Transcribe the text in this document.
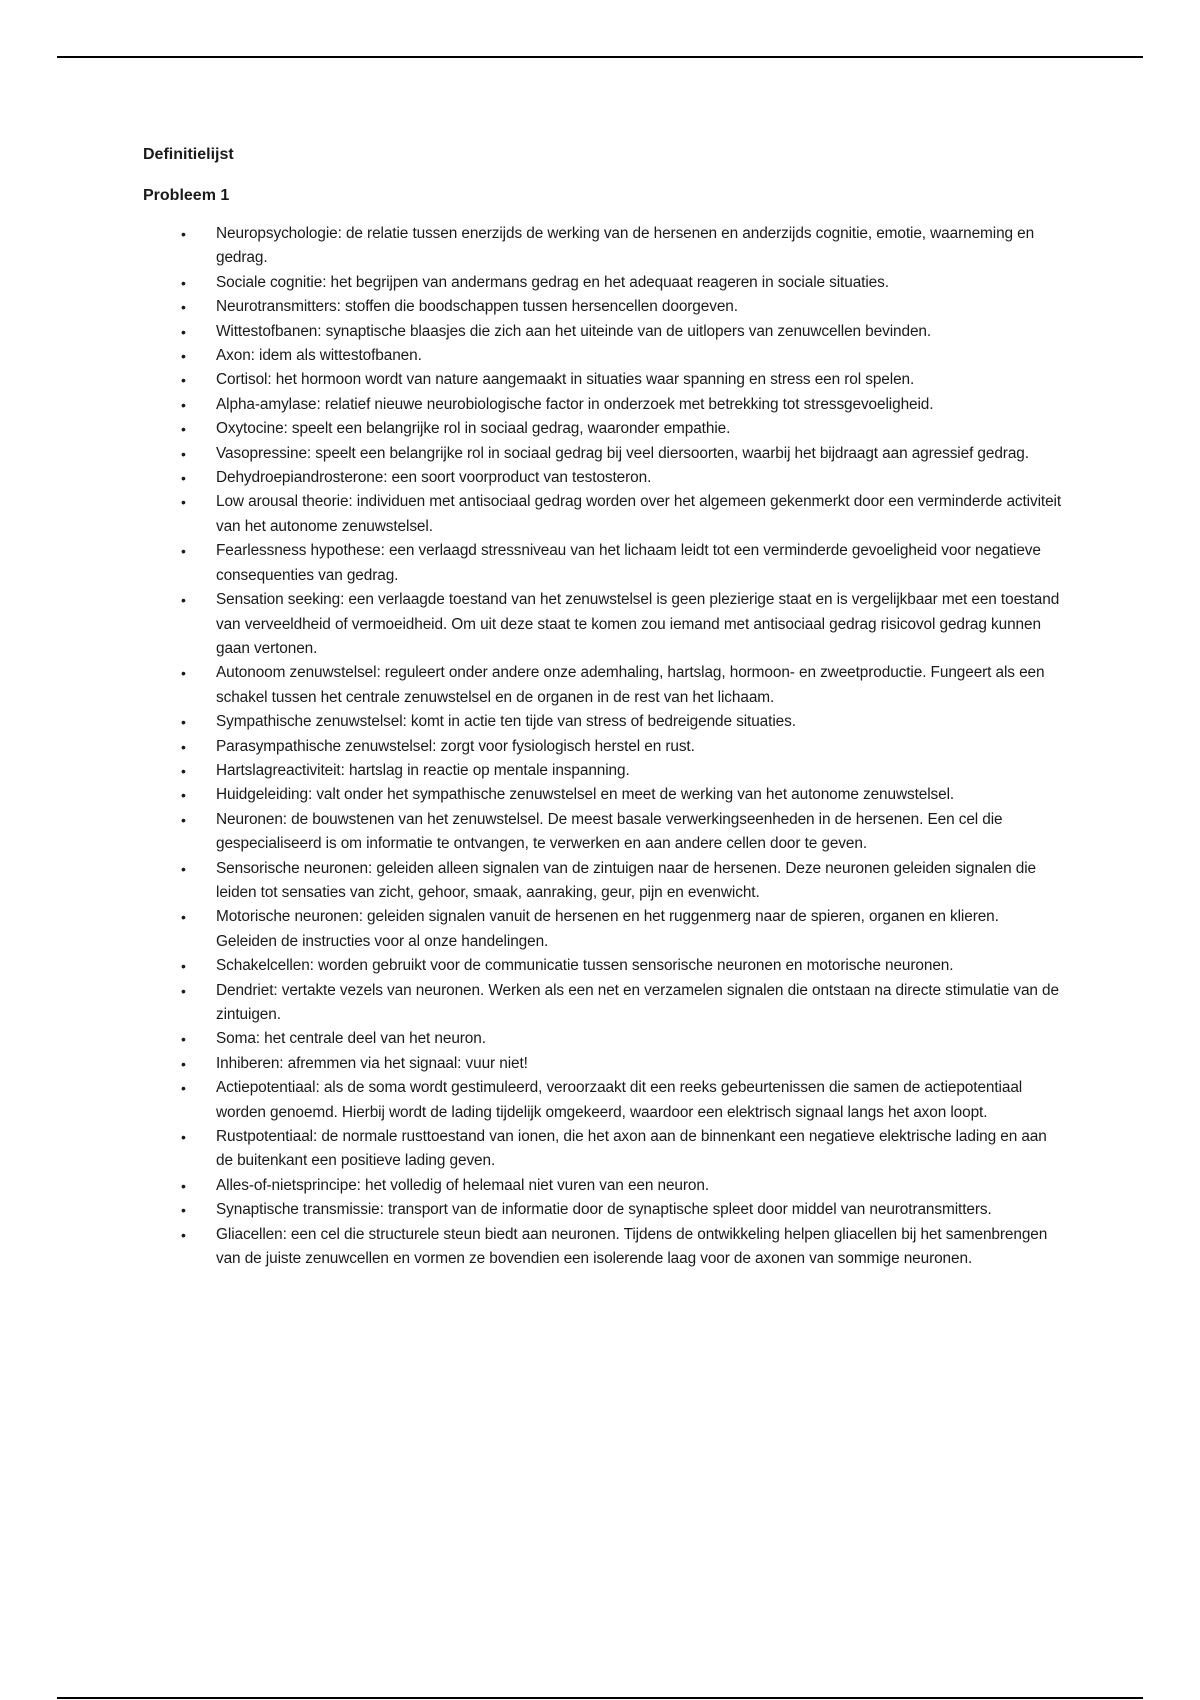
Definitielijst
Probleem 1
• Neuropsychologie: de relatie tussen enerzijds de werking van de hersenen en anderzijds cognitie, emotie, waarneming en gedrag.
• Sociale cognitie: het begrijpen van andermans gedrag en het adequaat reageren in sociale situaties.
• Neurotransmitters: stoffen die boodschappen tussen hersencellen doorgeven.
• Wittestofbanen: synaptische blaasjes die zich aan het uiteinde van de uitlopers van zenuwcellen bevinden.
• Axon: idem als wittestofbanen.
• Cortisol: het hormoon wordt van nature aangemaakt in situaties waar spanning en stress een rol spelen.
• Alpha-amylase: relatief nieuwe neurobiologische factor in onderzoek met betrekking tot stressgevoeligheid.
• Oxytocine: speelt een belangrijke rol in sociaal gedrag, waaronder empathie.
• Vasopressine: speelt een belangrijke rol in sociaal gedrag bij veel diersoorten, waarbij het bijdraagt aan agressief gedrag.
• Dehydroepiandrosterone: een soort voorproduct van testosteron.
• Low arousal theorie: individuen met antisociaal gedrag worden over het algemeen gekenmerkt door een verminderde activiteit van het autonome zenuwstelsel.
• Fearlessness hypothese: een verlaagd stressniveau van het lichaam leidt tot een verminderde gevoeligheid voor negatieve consequenties van gedrag.
• Sensation seeking: een verlaagde toestand van het zenuwstelsel is geen plezierige staat en is vergelijkbaar met een toestand van verveeldheid of vermoeidheid. Om uit deze staat te komen zou iemand met antisociaal gedrag risicovol gedrag kunnen gaan vertonen.
• Autonoom zenuwstelsel: reguleert onder andere onze ademhaling, hartslag, hormoon- en zweetproductie. Fungeert als een schakel tussen het centrale zenuwstelsel en de organen in de rest van het lichaam.
• Sympathische zenuwstelsel: komt in actie ten tijde van stress of bedreigende situaties.
• Parasympathische zenuwstelsel: zorgt voor fysiologisch herstel en rust.
• Hartslagreactiviteit: hartslag in reactie op mentale inspanning.
• Huidgeleiding: valt onder het sympathische zenuwstelsel en meet de werking van het autonome zenuwstelsel.
• Neuronen: de bouwstenen van het zenuwstelsel. De meest basale verwerkingseenheden in de hersenen. Een cel die gespecialiseerd is om informatie te ontvangen, te verwerken en aan andere cellen door te geven.
• Sensorische neuronen: geleiden alleen signalen van de zintuigen naar de hersenen. Deze neuronen geleiden signalen die leiden tot sensaties van zicht, gehoor, smaak, aanraking, geur, pijn en evenwicht.
• Motorische neuronen: geleiden signalen vanuit de hersenen en het ruggenmerg naar de spieren, organen en klieren. Geleiden de instructies voor al onze handelingen.
• Schakelcellen: worden gebruikt voor de communicatie tussen sensorische neuronen en motorische neuronen.
• Dendriet: vertakte vezels van neuronen. Werken als een net en verzamelen signalen die ontstaan na directe stimulatie van de zintuigen.
• Soma: het centrale deel van het neuron.
• Inhiberen: afremmen via het signaal: vuur niet!
• Actiepotentiaal: als de soma wordt gestimuleerd, veroorzaakt dit een reeks gebeurtenissen die samen de actiepotentiaal worden genoemd. Hierbij wordt de lading tijdelijk omgekeerd, waardoor een elektrisch signaal langs het axon loopt.
• Rustpotentiaal: de normale rusttoestand van ionen, die het axon aan de binnenkant een negatieve elektrische lading en aan de buitenkant een positieve lading geven.
• Alles-of-nietsprincipe: het volledig of helemaal niet vuren van een neuron.
• Synaptische transmissie: transport van de informatie door de synaptische spleet door middel van neurotransmitters.
• Gliacellen: een cel die structurele steun biedt aan neuronen. Tijdens de ontwikkeling helpen gliacellen bij het samenbrengen van de juiste zenuwcellen en vormen ze bovendien een isolerende laag voor de axonen van sommige neuronen.
